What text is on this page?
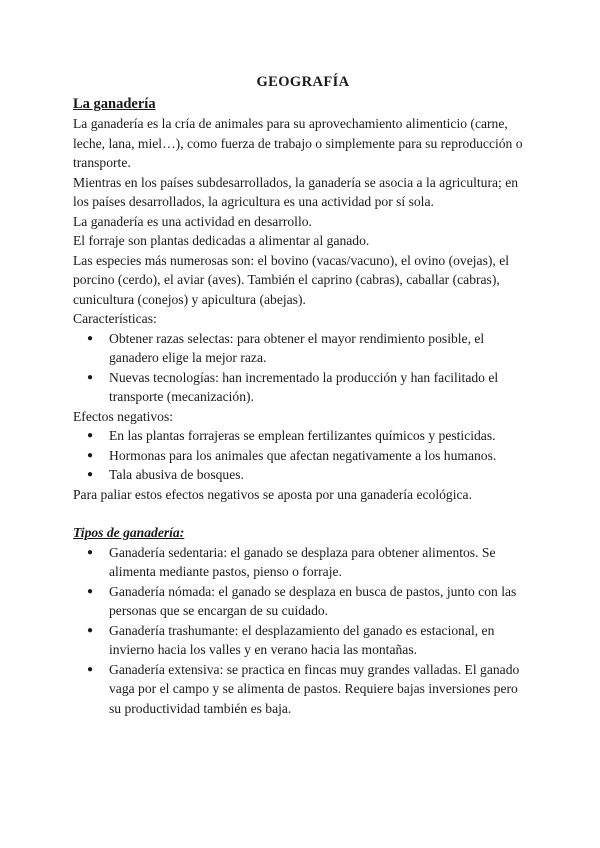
GEOGRAFÍA

La ganadería

La ganadería es la cría de animales para su aprovechamiento alimenticio (carne, leche, lana, miel…), como fuerza de trabajo o simplemente para su reproducción o transporte.

Mientras en los países subdesarrollados, la ganadería se asocia a la agricultura; en los países desarrollados, la agricultura es una actividad por sí sola.

La ganadería es una actividad en desarrollo.

El forraje son plantas dedicadas a alimentar al ganado.

Las especies más numerosas son: el bovino (vacas/vacuno), el ovino (ovejas), el porcino (cerdo), el aviar (aves). También el caprino (cabras), caballar (cabras), cunicultura (conejos) y apicultura (abejas).

Características:

● Obtener razas selectas: para obtener el mayor rendimiento posible, el ganadero elige la mejor raza.
● Nuevas tecnologías: han incrementado la producción y han facilitado el transporte (mecanización).

Efectos negativos:

● En las plantas forrajeras se emplean fertilizantes químicos y pesticidas.
● Hormonas para los animales que afectan negativamente a los humanos.
● Tala abusiva de bosques.

Para paliar estos efectos negativos se aposta por una ganadería ecológica.

Tipos de ganadería:

● Ganadería sedentaria: el ganado se desplaza para obtener alimentos. Se alimenta mediante pastos, pienso o forraje.
● Ganadería nómada: el ganado se desplaza en busca de pastos, junto con las personas que se encargan de su cuidado.
● Ganadería trashumante: el desplazamiento del ganado es estacional, en invierno hacia los valles y en verano hacia las montañas.
● Ganadería extensiva: se practica en fincas muy grandes valladas. El ganado vaga por el campo y se alimenta de pastos. Requiere bajas inversiones pero su productividad también es baja.
